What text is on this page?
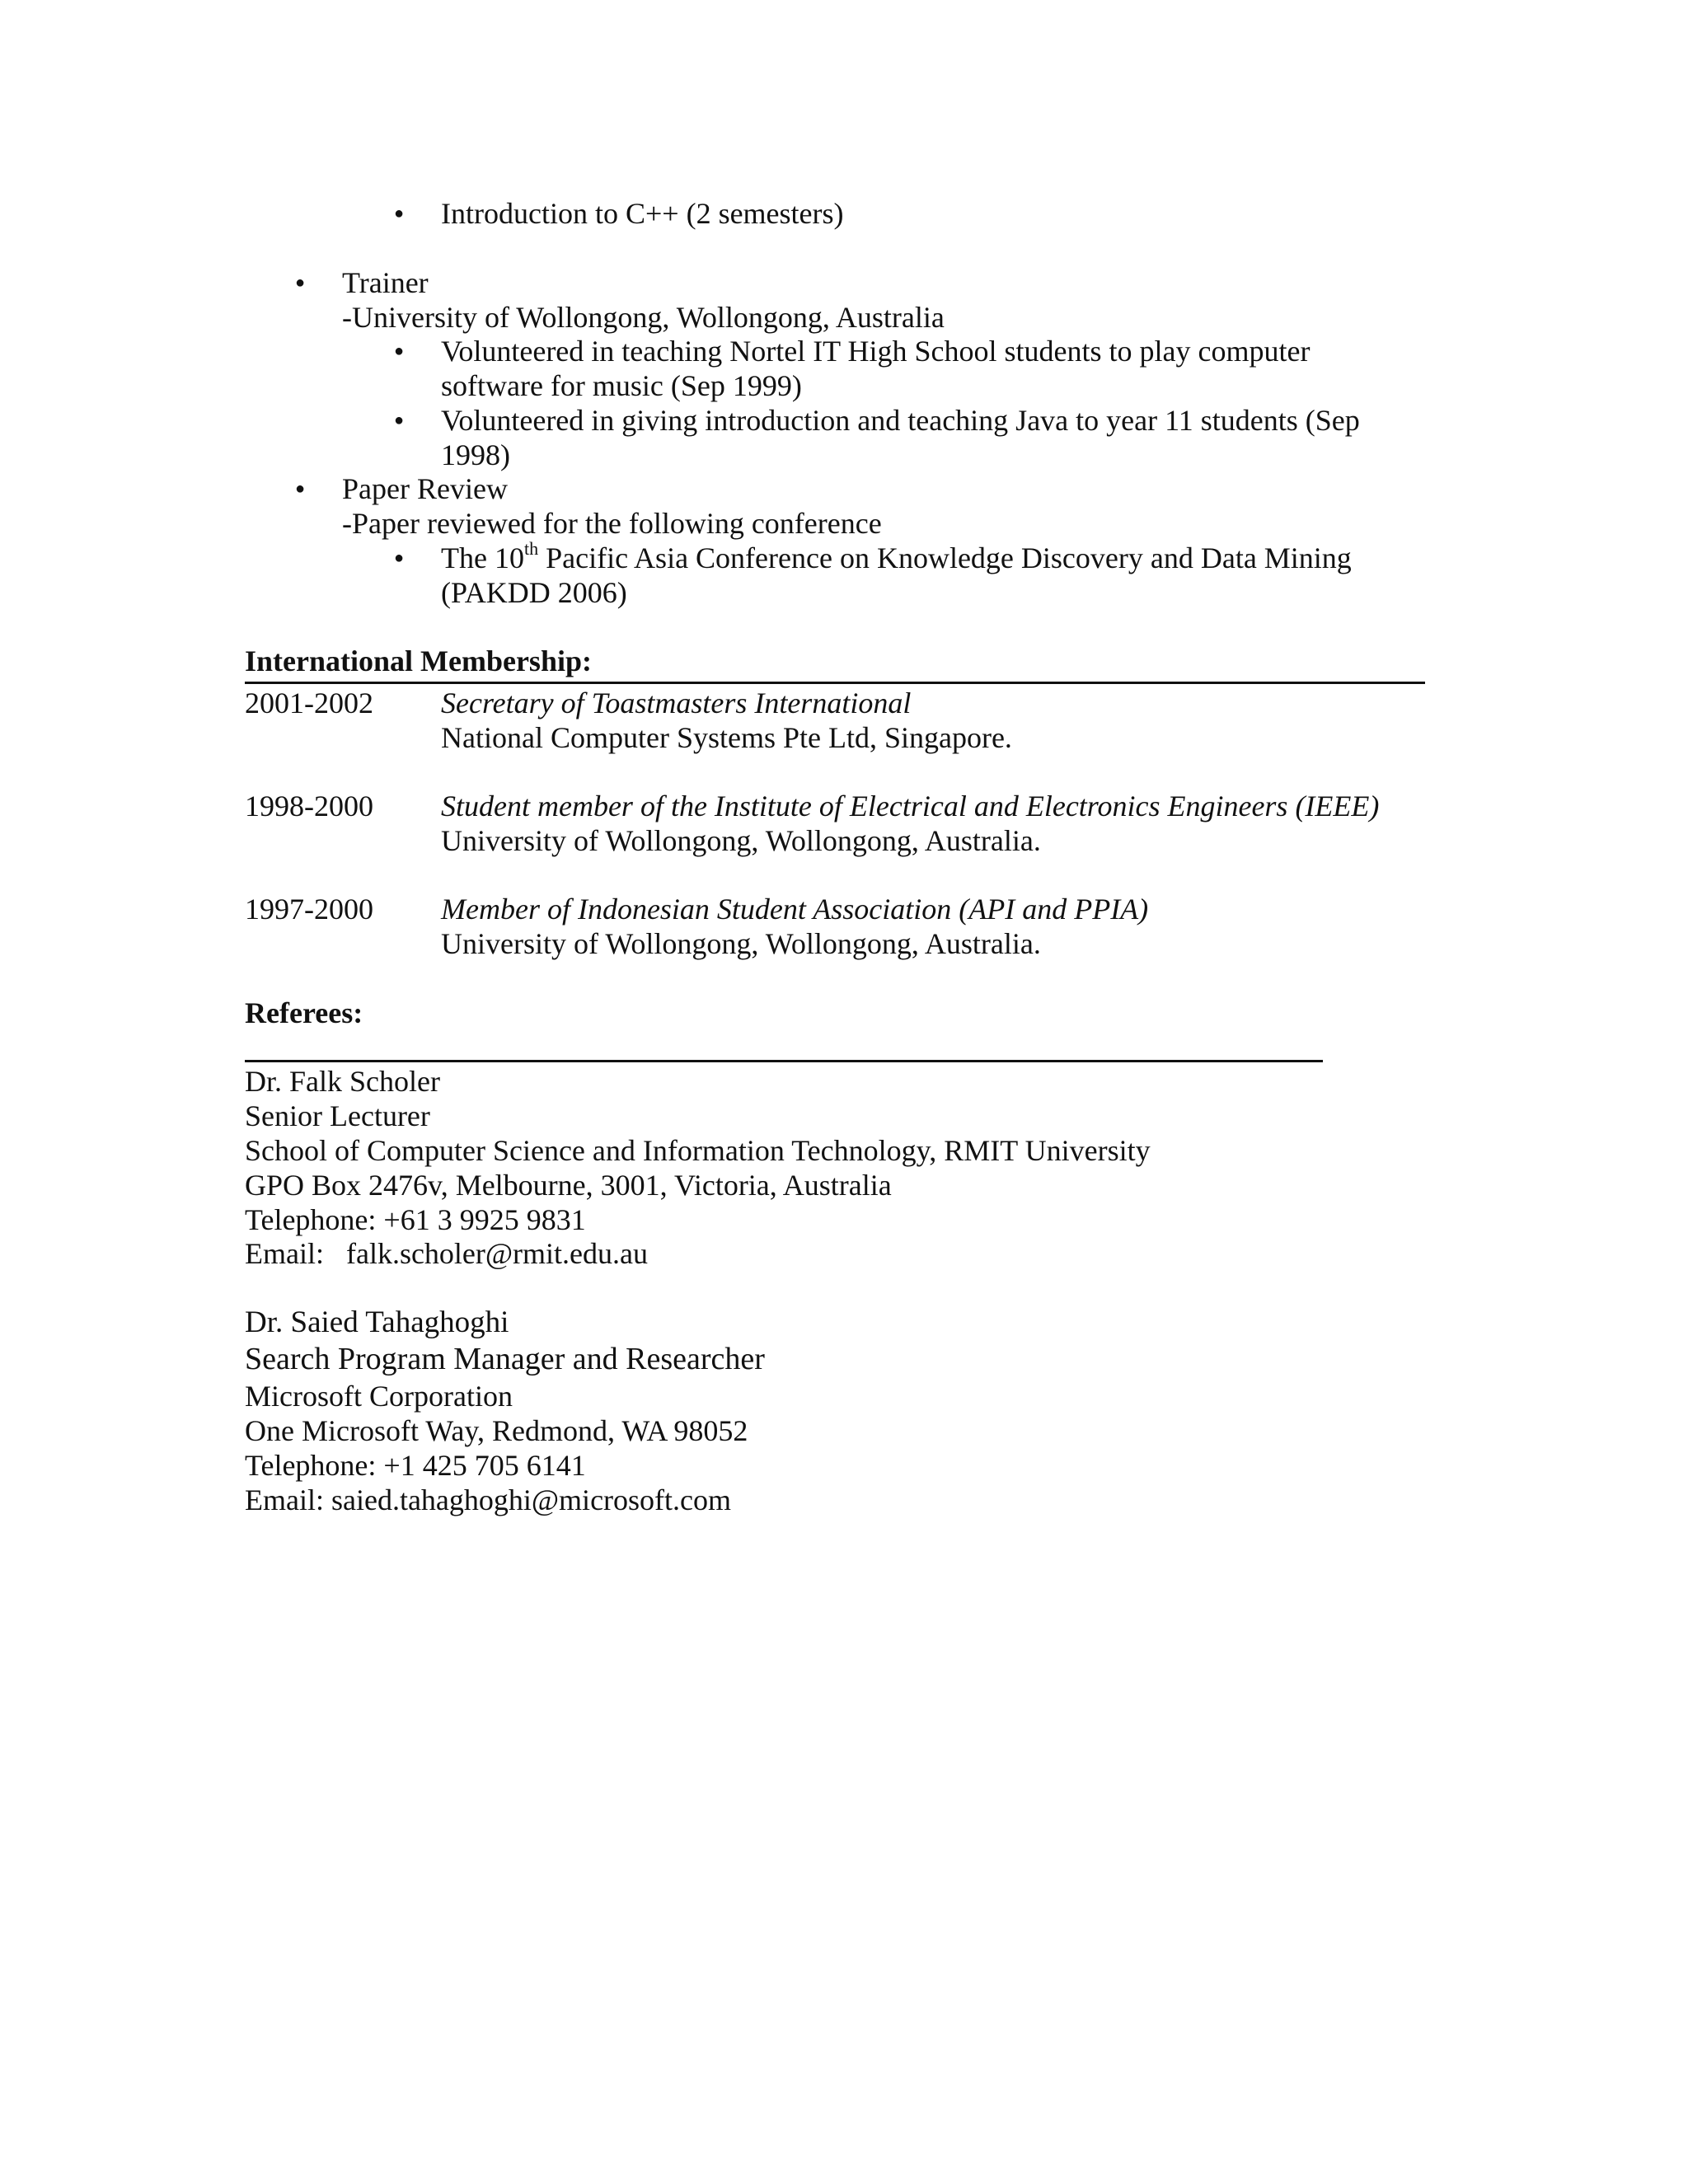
● Introduction to C++ (2 semesters)
● Trainer
-University of Wollongong, Wollongong, Australia
● Volunteered in teaching Nortel IT High School students to play computer
software for music (Sep 1999)
● Volunteered in giving introduction and teaching Java to year 11 students (Sep
1998)
● Paper Review
-Paper reviewed for the following conference
● The 10th Pacific Asia Conference on Knowledge Discovery and Data Mining
(PAKDD 2006)
International Membership:
2001-2002 Secretary of Toastmasters International
National Computer Systems Pte Ltd, Singapore.
1998-2000 Student member of the Institute of Electrical and Electronics Engineers (IEEE)
University of Wollongong, Wollongong, Australia.
1997-2000 Member of Indonesian Student Association (API and PPIA)
University of Wollongong, Wollongong, Australia.
Referees:
Dr. Falk Scholer
Senior Lecturer
School of Computer Science and Information Technology, RMIT University
GPO Box 2476v, Melbourne, 3001, Victoria, Australia
Telephone: +61 3 9925 9831
Email:   falk.scholer@rmit.edu.au
Dr. Saied Tahaghoghi
Search Program Manager and Researcher
Microsoft Corporation
One Microsoft Way, Redmond, WA 98052
Telephone: +1 425 705 6141
Email: saied.tahaghoghi@microsoft.com
